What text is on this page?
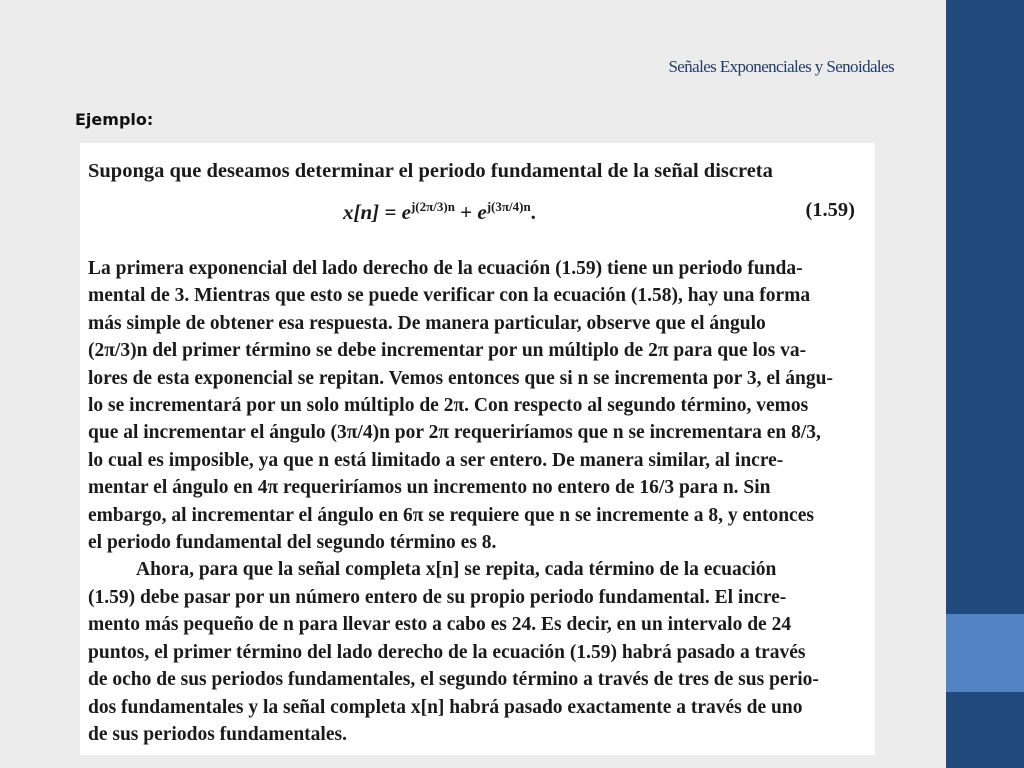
Señales Exponenciales y Senoidales
Ejemplo:

Suponga que deseamos determinar el periodo fundamental de la señal discreta

$x[n] = e^{j(2\pi/3)n} + e^{j(3\pi/4)n}$.	(1.59)

La primera exponencial del lado derecho de la ecuación (1.59) tiene un periodo funda-
mental de 3. Mientras que esto se puede verificar con la ecuación (1.58), hay una forma
más simple de obtener esa respuesta. De manera particular, observe que el ángulo
(2π/3)n del primer término se debe incrementar por un múltiplo de 2π para que los va-
lores de esta exponencial se repitan. Vemos entonces que si n se incrementa por 3, el ángu-
lo se incrementará por un solo múltiplo de 2π. Con respecto al segundo término, vemos
que al incrementar el ángulo (3π/4)n por 2π requeriríamos que n se incrementara en 8/3,
lo cual es imposible, ya que n está limitado a ser entero. De manera similar, al incre-
mentar el ángulo en 4π requeriríamos un incremento no entero de 16/3 para n. Sin
embargo, al incrementar el ángulo en 6π se requiere que n se incremente a 8, y entonces
el periodo fundamental del segundo término es 8.

Ahora, para que la señal completa x[n] se repita, cada término de la ecuación
(1.59) debe pasar por un número entero de su propio periodo fundamental. El incre-
mento más pequeño de n para llevar esto a cabo es 24. Es decir, en un intervalo de 24
puntos, el primer término del lado derecho de la ecuación (1.59) habrá pasado a través
de ocho de sus periodos fundamentales, el segundo término a través de tres de sus perio-
dos fundamentales y la señal completa x[n] habrá pasado exactamente a través de uno
de sus periodos fundamentales.
